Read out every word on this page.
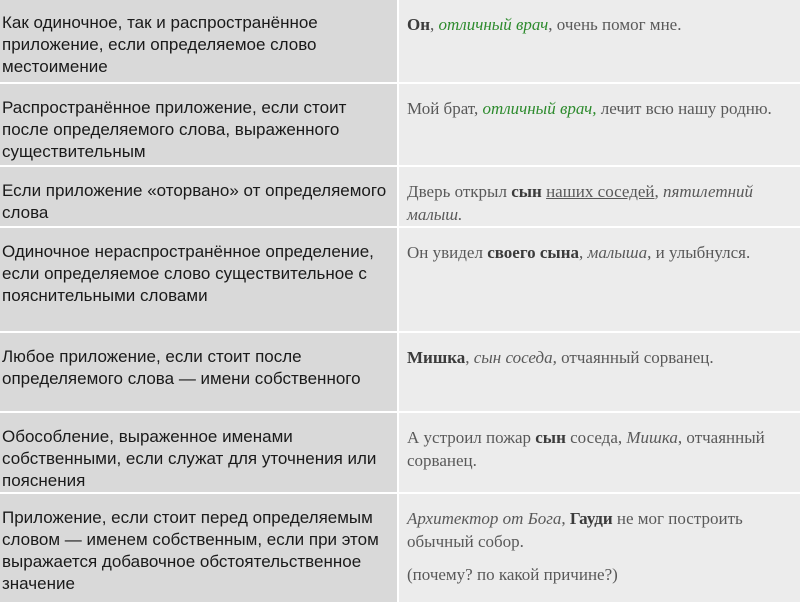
Как одиночное, так и распространённое приложение, если определяемое слово местоимение	Он, отличный врач, очень помог мне.
Распространённое приложение, если стоит после определяемого слова, выраженного существительным	Мой брат, отличный врач, лечит всю нашу родню.
Если приложение «оторвано» от определяемого слова	Дверь открыл сын наших соседей, пятилетний малыш.
Одиночное нераспространённое определение, если определяемое слово существительное с пояснительными словами	Он увидел своего сына, малыша, и улыбнулся.
Любое приложение, если стоит после определяемого слова — имени собственного	Мишка, сын соседа, отчаянный сорванец.
Обособление, выраженное именами собственными, если служат для уточнения или пояснения	А устроил пожар сын соседа, Мишка, отчаянный сорванец.
Приложение, если стоит перед определяемым словом — именем собственным, если при этом выражается добавочное обстоятельственное значение	Архитектор от Бога, Гауди не мог построить обычный собор.
(почему? по какой причине?)
